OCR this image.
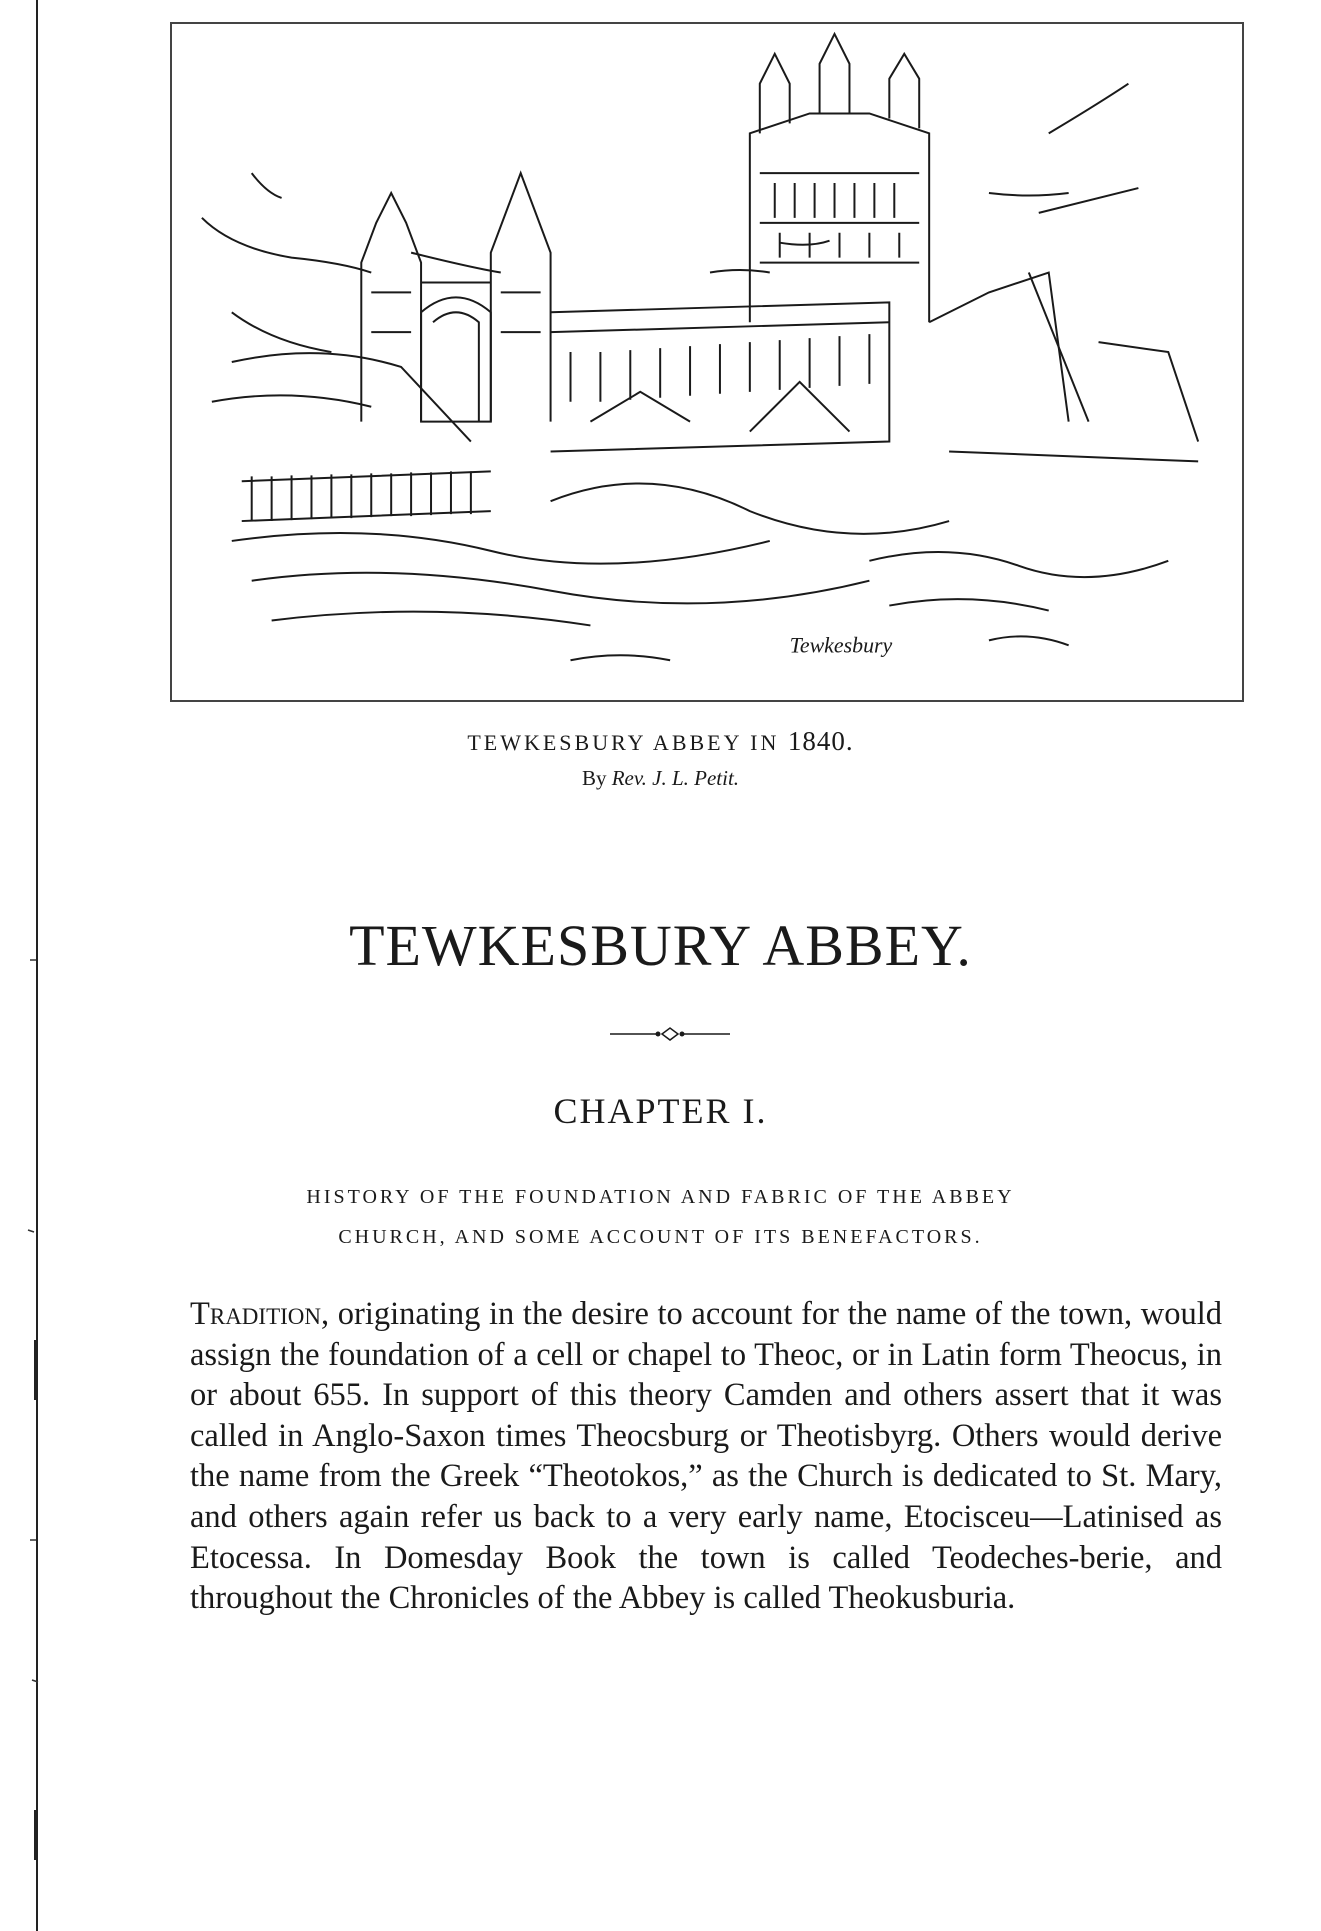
Tewkesbury
TEWKESBURY ABBEY IN 1840.
By Rev. J. L. Petit.
TEWKESBURY ABBEY.
CHAPTER I.
HISTORY OF THE FOUNDATION AND FABRIC OF THE ABBEY
CHURCH, AND SOME ACCOUNT OF ITS BENEFACTORS.

Tradition, originating in the desire to account for the name of the town, would assign the foundation of a cell or chapel to Theoc, or in Latin form Theocus, in or about 655. In support of this theory Camden and others assert that it was called in Anglo-Saxon times Theocsburg or Theotisbyrg. Others would derive the name from the Greek “Theotokos,” as the Church is dedicated to St. Mary, and others again refer us back to a very early name, Etocisceu—Latinised as Etocessa. In Domesday Book the town is called Teodeches-berie, and throughout the Chronicles of the Abbey is called Theokusburia.
